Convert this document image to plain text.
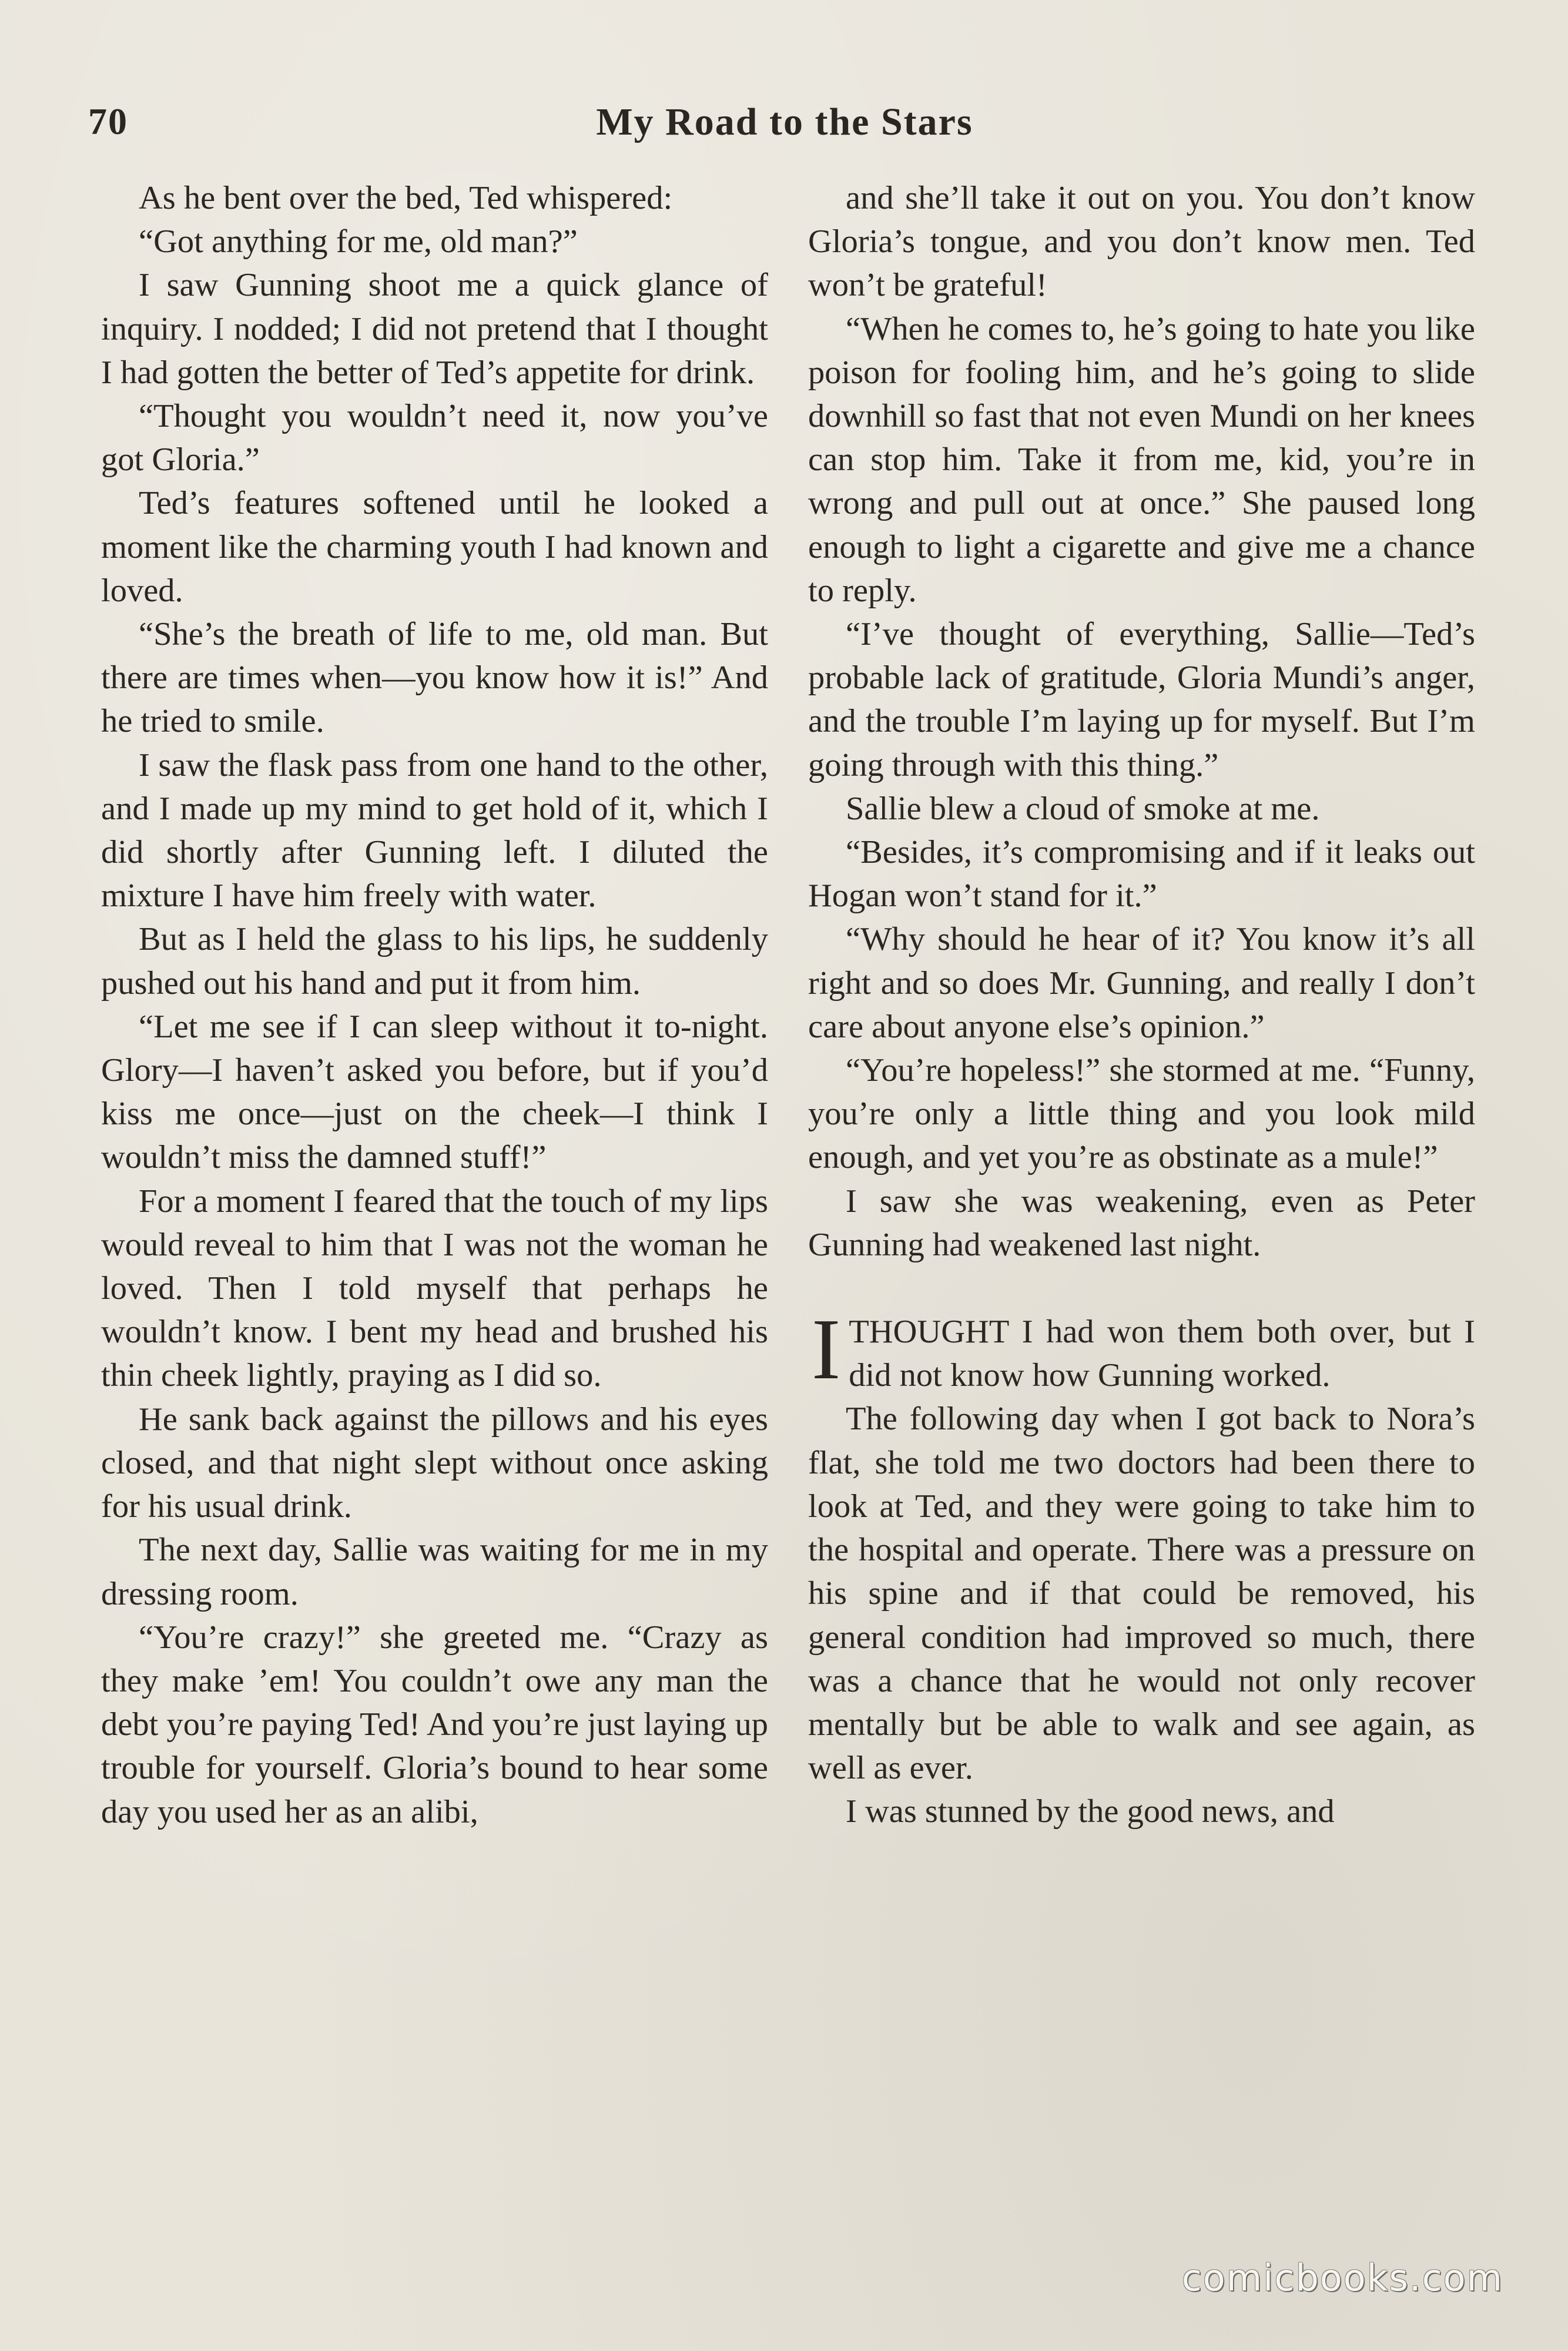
70	My Road to the Stars

As he bent over the bed, Ted whispered:

“Got anything for me, old man?”

I saw Gunning shoot me a quick glance of inquiry. I nodded; I did not pretend that I thought I had gotten the better of Ted’s appetite for drink.

“Thought you wouldn’t need it, now you’ve got Gloria.”

Ted’s features softened until he looked a moment like the charming youth I had known and loved.

“She’s the breath of life to me, old man. But there are times when—you know how it is!” And he tried to smile.

I saw the flask pass from one hand to the other, and I made up my mind to get hold of it, which I did shortly after Gunning left. I diluted the mixture I have him freely with water.

But as I held the glass to his lips, he suddenly pushed out his hand and put it from him.

“Let me see if I can sleep without it to-night. Glory—I haven’t asked you before, but if you’d kiss me once—just on the cheek—I think I wouldn’t miss the damned stuff!”

For a moment I feared that the touch of my lips would reveal to him that I was not the woman he loved. Then I told myself that perhaps he wouldn’t know. I bent my head and brushed his thin cheek lightly, praying as I did so.

He sank back against the pillows and his eyes closed, and that night slept without once asking for his usual drink.

The next day, Sallie was waiting for me in my dressing room.

“You’re crazy!” she greeted me. “Crazy as they make ’em! You couldn’t owe any man the debt you’re paying Ted! And you’re just laying up trouble for yourself. Gloria’s bound to hear some day you used her as an alibi,

and she’ll take it out on you. You don’t know Gloria’s tongue, and you don’t know men. Ted won’t be grateful!

“When he comes to, he’s going to hate you like poison for fooling him, and he’s going to slide downhill so fast that not even Mundi on her knees can stop him. Take it from me, kid, you’re in wrong and pull out at once.” She paused long enough to light a cigarette and give me a chance to reply.

“I’ve thought of everything, Sallie—Ted’s probable lack of gratitude, Gloria Mundi’s anger, and the trouble I’m laying up for myself. But I’m going through with this thing.”

Sallie blew a cloud of smoke at me.

“Besides, it’s compromising and if it leaks out Hogan won’t stand for it.”

“Why should he hear of it? You know it’s all right and so does Mr. Gunning, and really I don’t care about anyone else’s opinion.”

“You’re hopeless!” she stormed at me. “Funny, you’re only a little thing and you look mild enough, and yet you’re as obstinate as a mule!”

I saw she was weakening, even as Peter Gunning had weakened last night.

ITHOUGHT I had won them both over, but I did not know how Gunning worked.

The following day when I got back to Nora’s flat, she told me two doctors had been there to look at Ted, and they were going to take him to the hospital and operate. There was a pressure on his spine and if that could be removed, his general condition had improved so much, there was a chance that he would not only recover mentally but be able to walk and see again, as well as ever.

I was stunned by the good news, and

comicbooks.com
